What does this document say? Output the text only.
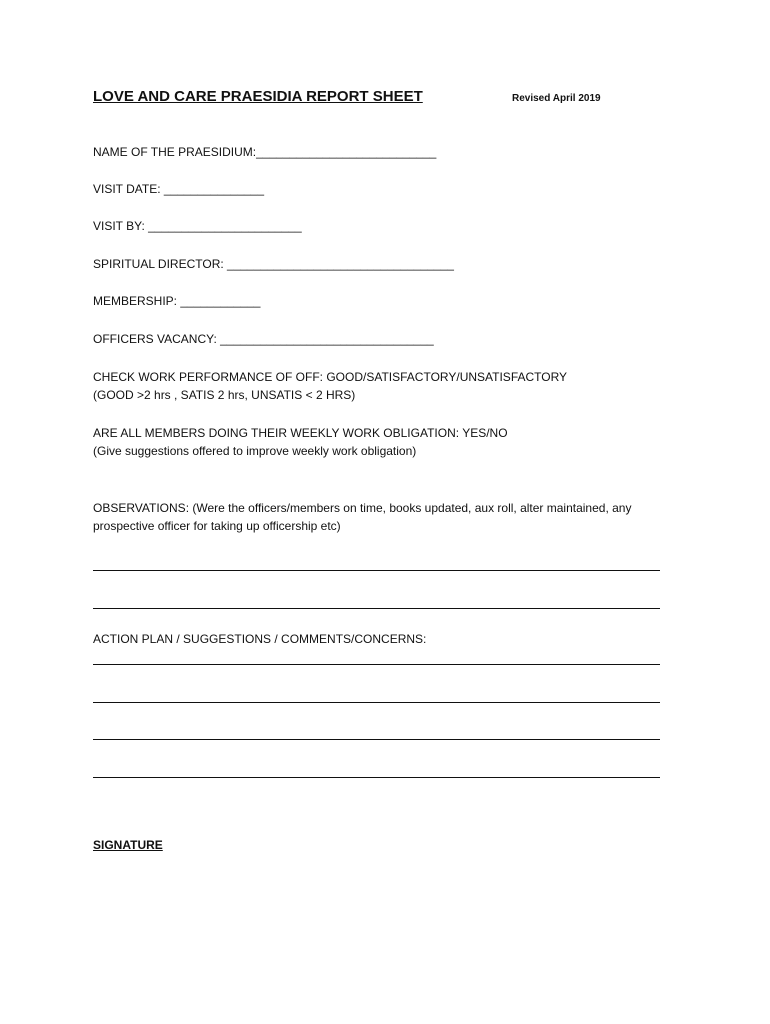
LOVE AND CARE PRAESIDIA REPORT SHEET	Revised April 2019
NAME OF THE PRAESIDIUM:___________________________
VISIT DATE: _______________
VISIT BY: _______________________
SPIRITUAL DIRECTOR: __________________________________
MEMBERSHIP: ____________
OFFICERS VACANCY: ________________________________
CHECK WORK PERFORMANCE OF OFF: GOOD/SATISFACTORY/UNSATISFACTORY
(GOOD >2 hrs , SATIS 2 hrs, UNSATIS < 2 HRS)
ARE ALL MEMBERS DOING THEIR WEEKLY WORK OBLIGATION: YES/NO
(Give suggestions offered to improve weekly work obligation)
OBSERVATIONS: (Were the officers/members on time, books updated, aux roll, alter maintained, any
prospective officer for taking up officership etc)
ACTION PLAN / SUGGESTIONS / COMMENTS/CONCERNS:
SIGNATURE
